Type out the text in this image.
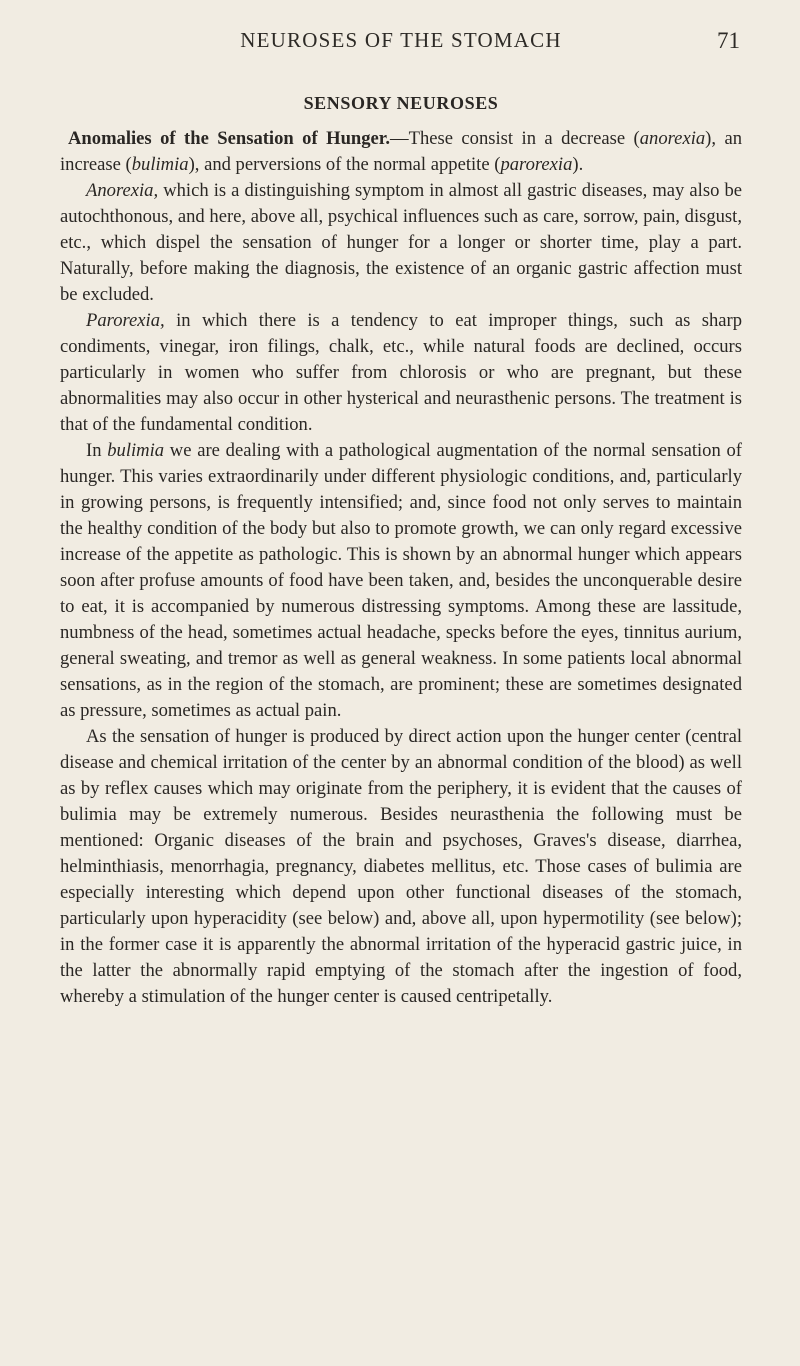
NEUROSES OF THE STOMACH	71
SENSORY NEUROSES

Anomalies of the Sensation of Hunger.—These consist in a decrease (anorexia), an increase (bulimia), and perversions of the normal appetite (parorexia).

Anorexia, which is a distinguishing symptom in almost all gastric diseases, may also be autochthonous, and here, above all, psychical influences such as care, sorrow, pain, disgust, etc., which dispel the sensation of hunger for a longer or shorter time, play a part. Naturally, before making the diagnosis, the existence of an organic gastric affection must be excluded.

Parorexia, in which there is a tendency to eat improper things, such as sharp condiments, vinegar, iron filings, chalk, etc., while natural foods are declined, occurs particularly in women who suffer from chlorosis or who are pregnant, but these abnormalities may also occur in other hysterical and neurasthenic persons. The treatment is that of the fundamental condition.

In bulimia we are dealing with a pathological augmentation of the normal sensation of hunger. This varies extraordinarily under different physiologic conditions, and, particularly in growing persons, is frequently intensified; and, since food not only serves to maintain the healthy condition of the body but also to promote growth, we can only regard excessive increase of the appetite as pathologic. This is shown by an abnormal hunger which appears soon after profuse amounts of food have been taken, and, besides the unconquerable desire to eat, it is accompanied by numerous distressing symptoms. Among these are lassitude, numbness of the head, sometimes actual headache, specks before the eyes, tinnitus aurium, general sweating, and tremor as well as general weakness. In some patients local abnormal sensations, as in the region of the stomach, are prominent; these are sometimes designated as pressure, sometimes as actual pain.

As the sensation of hunger is produced by direct action upon the hunger center (central disease and chemical irritation of the center by an abnormal condition of the blood) as well as by reflex causes which may originate from the periphery, it is evident that the causes of bulimia may be extremely numerous. Besides neurasthenia the following must be mentioned: Organic diseases of the brain and psychoses, Graves's disease, diarrhea, helminthiasis, menorrhagia, pregnancy, diabetes mellitus, etc. Those cases of bulimia are especially interesting which depend upon other functional diseases of the stomach, particularly upon hyperacidity (see below) and, above all, upon hypermotility (see below); in the former case it is apparently the abnormal irritation of the hyperacid gastric juice, in the latter the abnormally rapid emptying of the stomach after the ingestion of food, whereby a stimulation of the hunger center is caused centripetally.
